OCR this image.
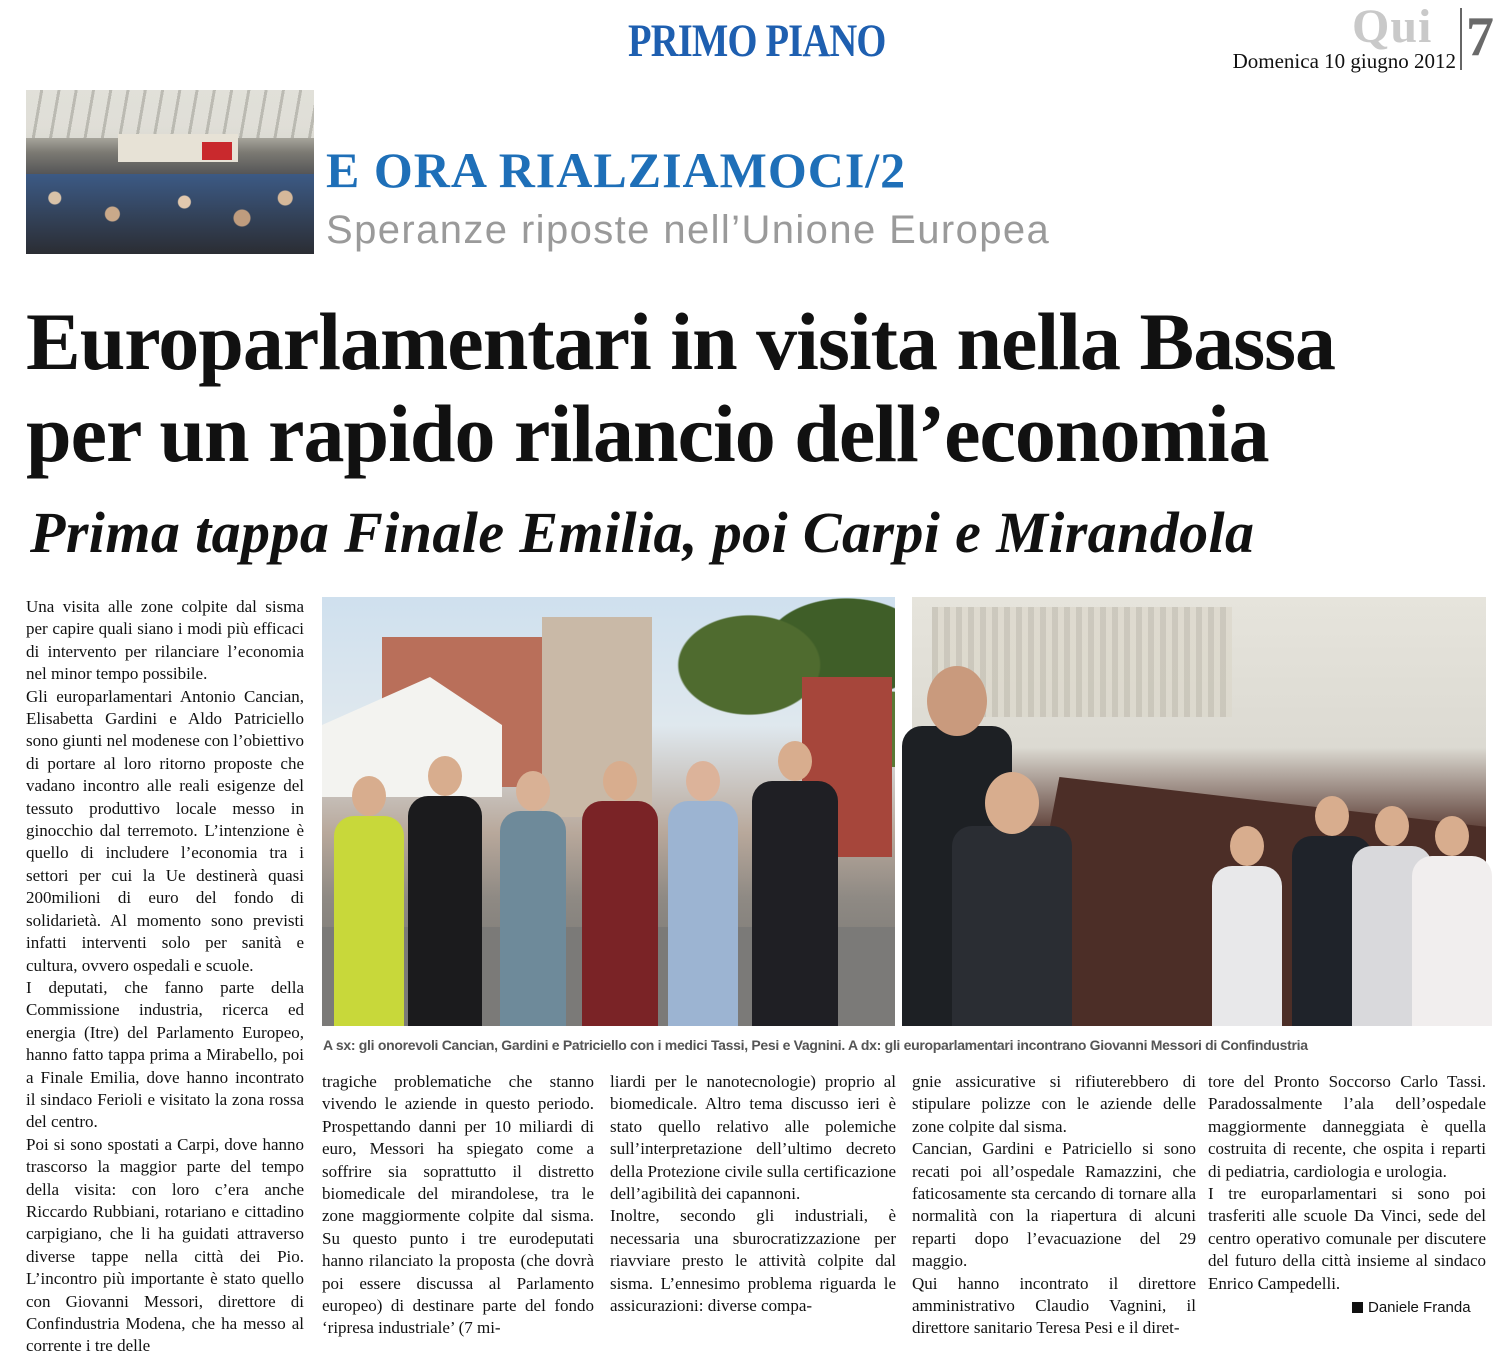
PRIMO PIANO	Qui 7
Domenica 10 giugno 2012
E ORA RIALZIAMOCI/2
Speranze riposte nell’Unione Europea
Europarlamentari in visita nella Bassa
per un rapido rilancio dell’economia
Prima tappa Finale Emilia, poi Carpi e Mirandola

Una visita alle zone colpite dal sisma per capire quali siano i modi più efficaci di intervento per rilanciare l’economia nel minor tempo possibile.

Gli europarlamentari Antonio Cancian, Elisabetta Gardini e Aldo Patriciello sono giunti nel modenese con l’obiettivo di portare al loro ritorno proposte che vadano incontro alle reali esigenze del tessuto produttivo locale messo in ginocchio dal terremoto. L’intenzione è quello di includere l’economia tra i settori per cui la Ue destinerà quasi 200milioni di euro del fondo di solidarietà. Al momento sono previsti infatti interventi solo per sanità e cultura, ovvero ospedali e scuole.

I deputati, che fanno parte della Commissione industria, ricerca ed energia (Itre) del Parlamento Europeo, hanno fatto tappa prima a Mirabello, poi a Finale Emilia, dove hanno incontrato il sindaco Ferioli e visitato la zona rossa del centro.

Poi si sono spostati a Carpi, dove hanno trascorso la maggior parte del tempo della visita: con loro c’era anche Riccardo Rubbiani, rotariano e cittadino carpigiano, che li ha guidati attraverso diverse tappe nella città dei Pio. L’incontro più importante è stato quello con Giovanni Messori, direttore di Confindustria Modena, che ha messo al corrente i tre delle

A sx: gli onorevoli Cancian, Gardini e Patriciello con i medici Tassi, Pesi e Vagnini. A dx: gli europarlamentari incontrano Giovanni Messori di Confindustria

tragiche problematiche che stanno vivendo le aziende in questo periodo. Prospettando danni per 10 miliardi di euro, Messori ha spiegato come a soffrire sia soprattutto il distretto biomedicale del mirandolese, tra le zone maggiormente colpite dal sisma. Su questo punto i tre eurodeputati hanno rilanciato la proposta (che dovrà poi essere discussa al Parlamento europeo) di destinare parte del fondo ‘ripresa industriale’ (7 mi-

liardi per le nanotecnologie) proprio al biomedicale. Altro tema discusso ieri è stato quello relativo alle polemiche sull’interpretazione dell’ultimo decreto della Protezione civile sulla certificazione dell’agibilità dei capannoni.

Inoltre, secondo gli industriali, è necessaria una sburocratizzazione per riavviare presto le attività colpite dal sisma. L’ennesimo problema riguarda le assicurazioni: diverse compa-

gnie assicurative si rifiuterebbero di stipulare polizze con le aziende delle zone colpite dal sisma.

Cancian, Gardini e Patriciello si sono recati poi all’ospedale Ramazzini, che faticosamente sta cercando di tornare alla normalità con la riapertura di alcuni reparti dopo l’evacuazione del 29 maggio.

Qui hanno incontrato il direttore amministrativo Claudio Vagnini, il direttore sanitario Teresa Pesi e il diret-

tore del Pronto Soccorso Carlo Tassi. Paradossalmente l’ala dell’ospedale maggiormente danneggiata è quella costruita di recente, che ospita i reparti di pediatria, cardiologia e urologia.

I tre europarlamentari si sono poi trasferiti alle scuole Da Vinci, sede del centro operativo comunale per discutere del futuro della città insieme al sindaco Enrico Campedelli.

Daniele Franda
